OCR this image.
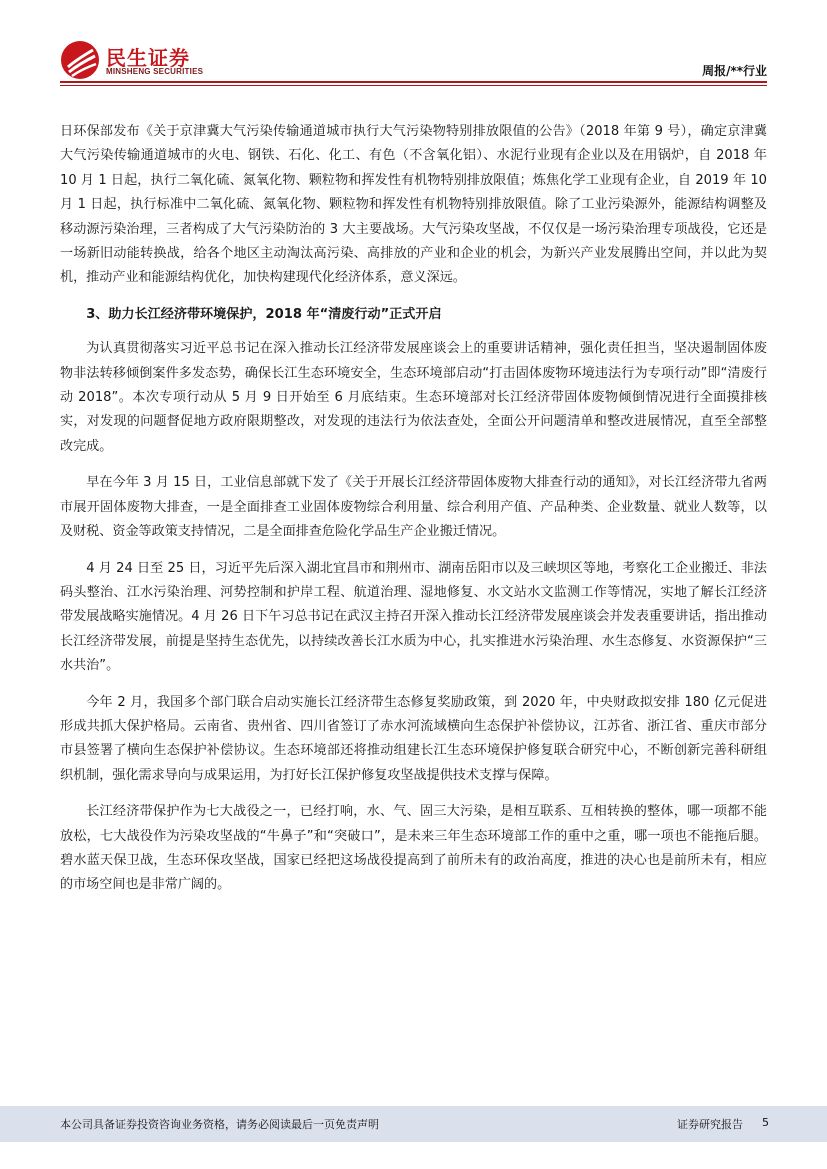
民生证券
MINSHENG SECURITIES	周报/**行业

日环保部发布《关于京津冀大气污染传输通道城市执行大气污染物特别排放限值的公告》（2018 年第 9 号），确定京津冀大气污染传输通道城市的火电、钢铁、石化、化工、有色（不含氧化铝）、水泥行业现有企业以及在用锅炉，自 2018 年 10 月 1 日起，执行二氧化硫、氮氧化物、颗粒物和挥发性有机物特别排放限值；炼焦化学工业现有企业，自 2019 年 10 月 1 日起，执行标准中二氧化硫、氮氧化物、颗粒物和挥发性有机物特别排放限值。除了工业污染源外，能源结构调整及移动源污染治理，三者构成了大气污染防治的 3 大主要战场。大气污染攻坚战，不仅仅是一场污染治理专项战役，它还是一场新旧动能转换战，给各个地区主动淘汰高污染、高排放的产业和企业的机会，为新兴产业发展腾出空间，并以此为契机，推动产业和能源结构优化，加快构建现代化经济体系，意义深远。

3、助力长江经济带环境保护，2018 年“清废行动”正式开启

为认真贯彻落实习近平总书记在深入推动长江经济带发展座谈会上的重要讲话精神，强化责任担当，坚决遏制固体废物非法转移倾倒案件多发态势，确保长江生态环境安全，生态环境部启动“打击固体废物环境违法行为专项行动”即“清废行动 2018”。本次专项行动从 5 月 9 日开始至 6 月底结束。生态环境部对长江经济带固体废物倾倒情况进行全面摸排核实，对发现的问题督促地方政府限期整改，对发现的违法行为依法查处，全面公开问题清单和整改进展情况，直至全部整改完成。

早在今年 3 月 15 日，工业信息部就下发了《关于开展长江经济带固体废物大排查行动的通知》，对长江经济带九省两市展开固体废物大排查，一是全面排查工业固体废物综合利用量、综合利用产值、产品种类、企业数量、就业人数等，以及财税、资金等政策支持情况，二是全面排查危险化学品生产企业搬迁情况。

4 月 24 日至 25 日，习近平先后深入湖北宜昌市和荆州市、湖南岳阳市以及三峡坝区等地，考察化工企业搬迁、非法码头整治、江水污染治理、河势控制和护岸工程、航道治理、湿地修复、水文站水文监测工作等情况，实地了解长江经济带发展战略实施情况。4 月 26 日下午习总书记在武汉主持召开深入推动长江经济带发展座谈会并发表重要讲话，指出推动长江经济带发展，前提是坚持生态优先，以持续改善长江水质为中心，扎实推进水污染治理、水生态修复、水资源保护“三水共治”。

今年 2 月，我国多个部门联合启动实施长江经济带生态修复奖励政策，到 2020 年，中央财政拟安排 180 亿元促进形成共抓大保护格局。云南省、贵州省、四川省签订了赤水河流域横向生态保护补偿协议，江苏省、浙江省、重庆市部分市县签署了横向生态保护补偿协议。生态环境部还将推动组建长江生态环境保护修复联合研究中心，不断创新完善科研组织机制，强化需求导向与成果运用，为打好长江保护修复攻坚战提供技术支撑与保障。

长江经济带保护作为七大战役之一，已经打响，水、气、固三大污染，是相互联系、互相转换的整体，哪一项都不能放松，七大战役作为污染攻坚战的“牛鼻子”和“突破口”，是未来三年生态环境部工作的重中之重，哪一项也不能拖后腿。碧水蓝天保卫战，生态环保攻坚战，国家已经把这场战役提高到了前所未有的政治高度，推进的决心也是前所未有，相应的市场空间也是非常广阔的。

本公司具备证券投资咨询业务资格，请务必阅读最后一页免责声明	证券研究报告 5
